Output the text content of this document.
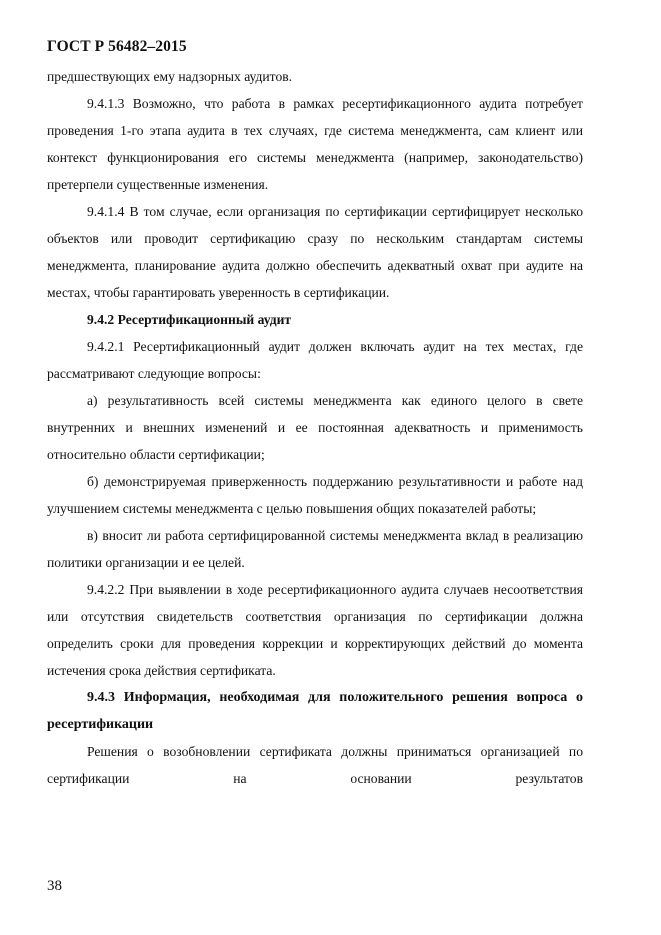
ГОСТ Р 56482–2015

предшествующих ему надзорных аудитов.

9.4.1.3 Возможно, что работа в рамках ресертификационного аудита потребует проведения 1-го этапа аудита в тех случаях, где система менеджмента, сам клиент или контекст функционирования его системы менеджмента (например, законодательство) претерпели существенные изменения.

9.4.1.4 В том случае, если организация по сертификации сертифицирует несколько объектов или проводит сертификацию сразу по нескольким стандартам системы менеджмента, планирование аудита должно обеспечить адекватный охват при аудите на местах, чтобы гарантировать уверенность в сертификации.

9.4.2 Ресертификационный аудит

9.4.2.1 Ресертификационный аудит должен включать аудит на тех местах, где рассматривают следующие вопросы:

а) результативность всей системы менеджмента как единого целого в свете внутренних и внешних изменений и ее постоянная адекватность и применимость относительно области сертификации;

б) демонстрируемая приверженность поддержанию результативности и работе над улучшением системы менеджмента с целью повышения общих показателей работы;

в) вносит ли работа сертифицированной системы менеджмента вклад в реализацию политики организации и ее целей.

9.4.2.2 При выявлении в ходе ресертификационного аудита случаев несоответствия или отсутствия свидетельств соответствия организация по сертификации должна определить сроки для проведения коррекции и корректирующих действий до момента истечения срока действия сертификата.

9.4.3 Информация, необходимая для положительного решения вопроса о ресертификации

Решения о возобновлении сертификата должны приниматься организацией по сертификации на основании результатов

38
